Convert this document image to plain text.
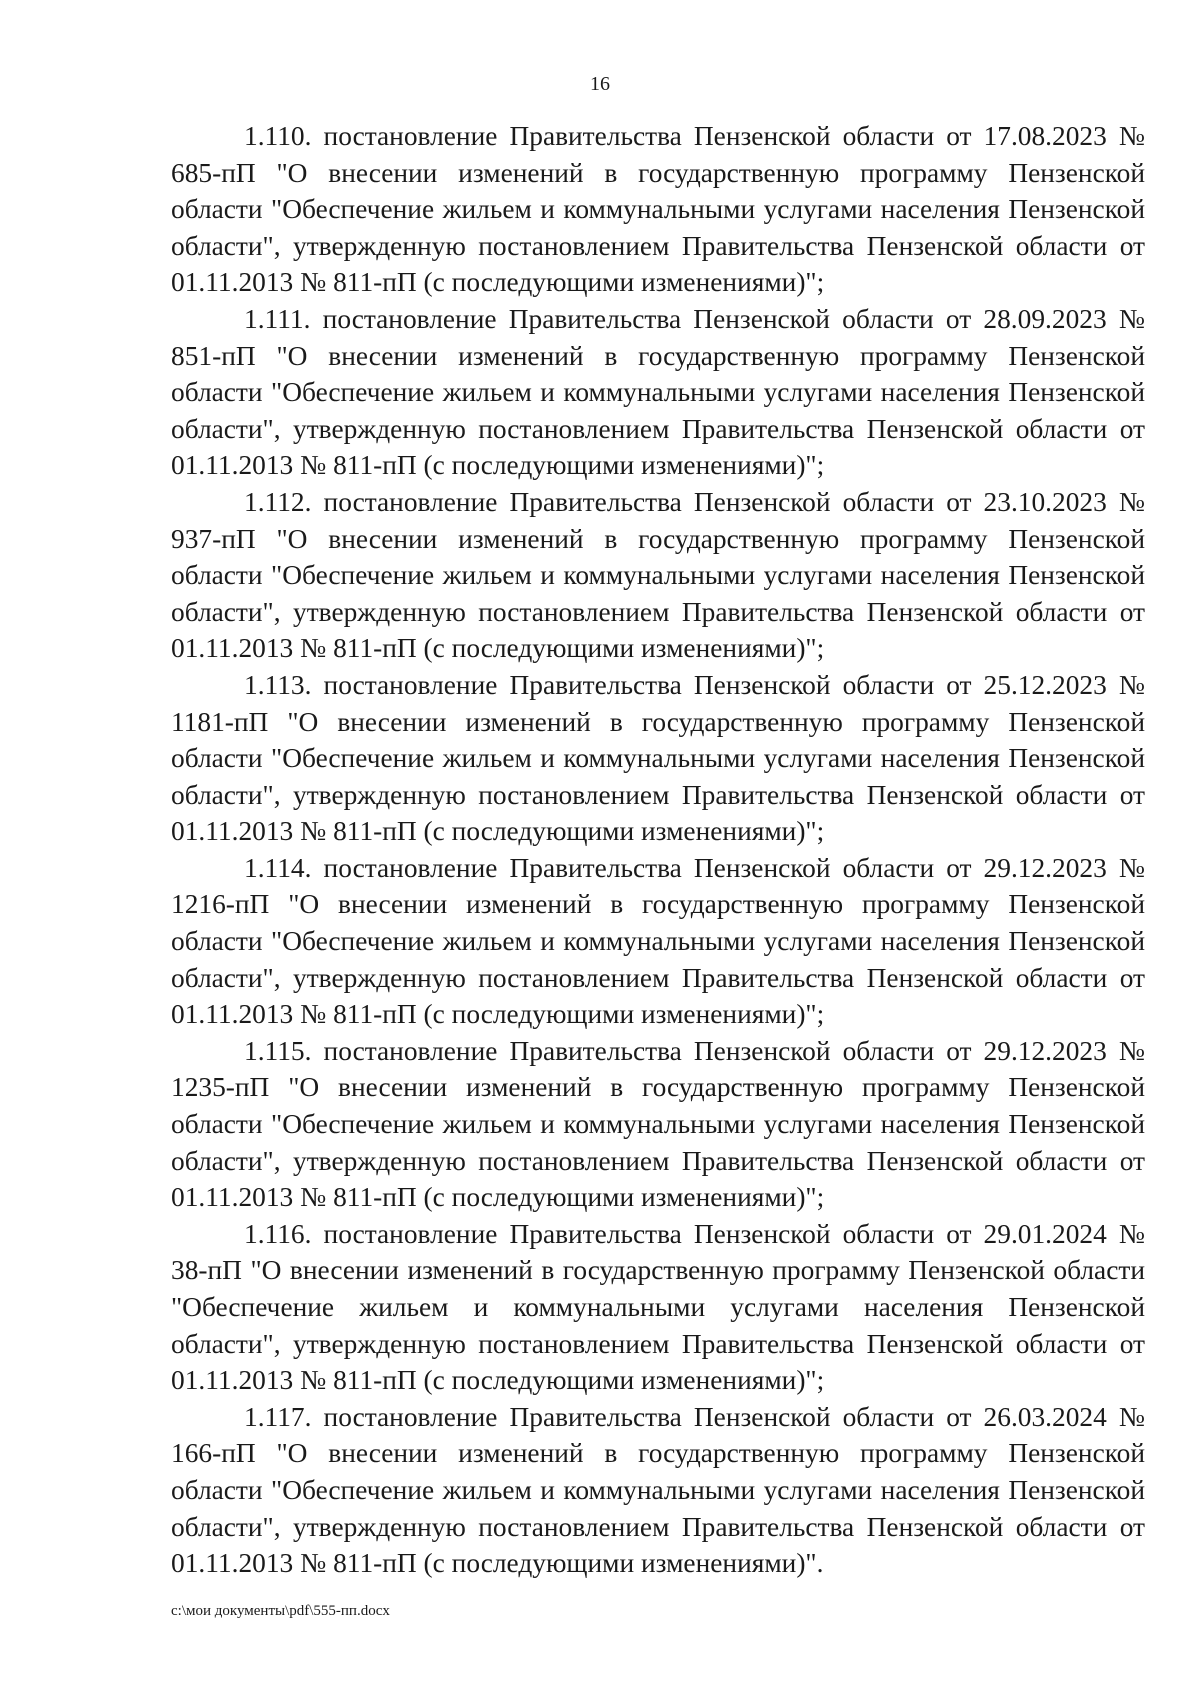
16

1.110. постановление Правительства Пензенской области от 17.08.2023 № 685-пП "О внесении изменений в государственную программу Пензенской области "Обеспечение жильем и коммунальными услугами населения Пензенской области", утвержденную постановлением Правительства Пензенской области от 01.11.2013 № 811-пП (с последующими изменениями)";

1.111. постановление Правительства Пензенской области от 28.09.2023 № 851-пП "О внесении изменений в государственную программу Пензенской области "Обеспечение жильем и коммунальными услугами населения Пензенской области", утвержденную постановлением Правительства Пензенской области от 01.11.2013 № 811-пП (с последующими изменениями)";

1.112. постановление Правительства Пензенской области от 23.10.2023 № 937-пП "О внесении изменений в государственную программу Пензенской области "Обеспечение жильем и коммунальными услугами населения Пензенской области", утвержденную постановлением Правительства Пензенской области от 01.11.2013 № 811-пП (с последующими изменениями)";

1.113. постановление Правительства Пензенской области от 25.12.2023 № 1181-пП "О внесении изменений в государственную программу Пензенской области "Обеспечение жильем и коммунальными услугами населения Пензенской области", утвержденную постановлением Правительства Пензенской области от 01.11.2013 № 811-пП (с последующими изменениями)";

1.114. постановление Правительства Пензенской области от 29.12.2023 № 1216-пП "О внесении изменений в государственную программу Пензенской области "Обеспечение жильем и коммунальными услугами населения Пензенской области", утвержденную постановлением Правительства Пензенской области от 01.11.2013 № 811-пП (с последующими изменениями)";

1.115. постановление Правительства Пензенской области от 29.12.2023 № 1235-пП "О внесении изменений в государственную программу Пензенской области "Обеспечение жильем и коммунальными услугами населения Пензенской области", утвержденную постановлением Правительства Пензенской области от 01.11.2013 № 811-пП (с последующими изменениями)";

1.116. постановление Правительства Пензенской области от 29.01.2024 № 38-пП "О внесении изменений в государственную программу Пензенской области "Обеспечение жильем и коммунальными услугами населения Пензенской области", утвержденную постановлением Правительства Пензенской области от 01.11.2013 № 811-пП (с последующими изменениями)";

1.117. постановление Правительства Пензенской области от 26.03.2024 № 166-пП "О внесении изменений в государственную программу Пензенской области "Обеспечение жильем и коммунальными услугами населения Пензенской области", утвержденную постановлением Правительства Пензенской области от 01.11.2013 № 811-пП (с последующими изменениями)".

c:\мои документы\pdf\555-пп.docx
